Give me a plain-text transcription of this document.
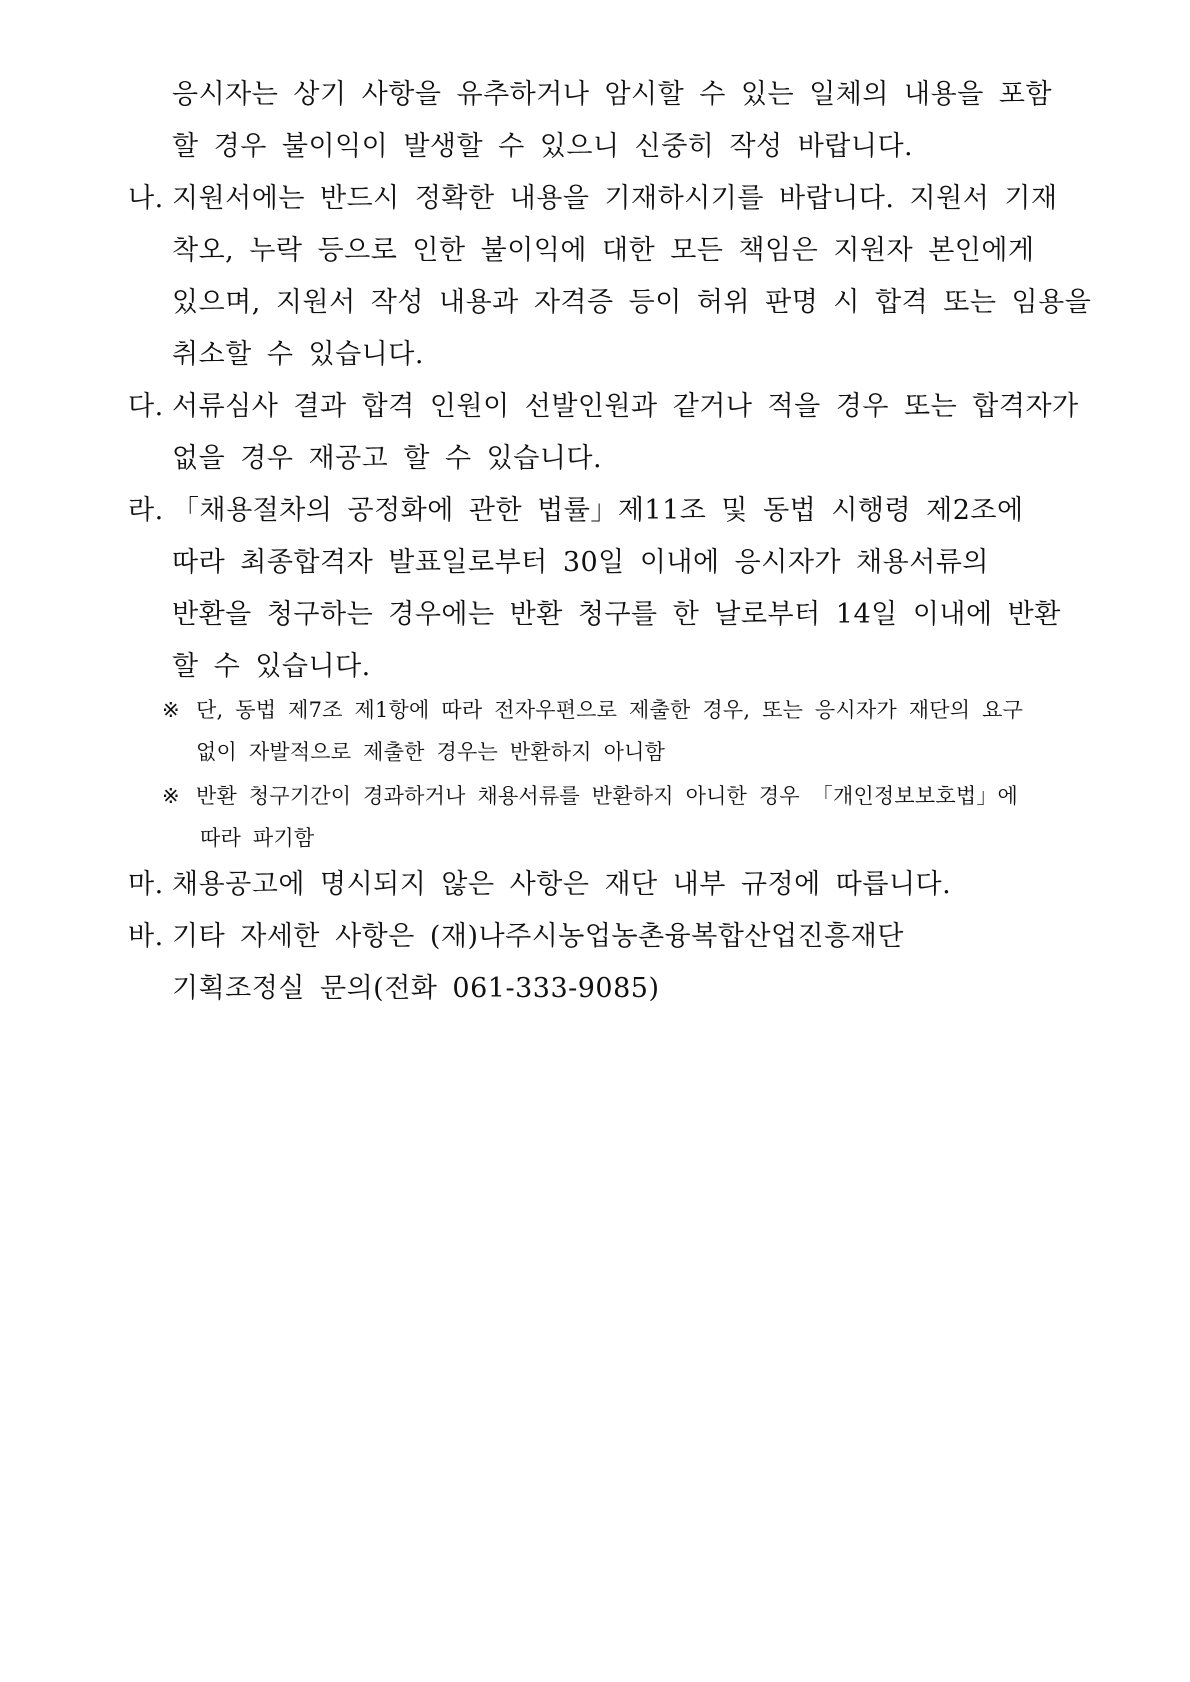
응시자는 상기 사항을 유추하거나 암시할 수 있는 일체의 내용을 포함
할 경우 불이익이 발생할 수 있으니 신중히 작성 바랍니다.
나. 지원서에는 반드시 정확한 내용을 기재하시기를 바랍니다. 지원서 기재
착오, 누락 등으로 인한 불이익에 대한 모든 책임은 지원자 본인에게
있으며, 지원서 작성 내용과 자격증 등이 허위 판명 시 합격 또는 임용을
취소할 수 있습니다.
다. 서류심사 결과 합격 인원이 선발인원과 같거나 적을 경우 또는 합격자가
없을 경우 재공고 할 수 있습니다.
라. 「채용절차의 공정화에 관한 법률」제11조 및 동법 시행령 제2조에
따라 최종합격자 발표일로부터 30일 이내에 응시자가 채용서류의
반환을 청구하는 경우에는 반환 청구를 한 날로부터 14일 이내에 반환
할 수 있습니다.
※ 단, 동법 제7조 제1항에 따라 전자우편으로 제출한 경우, 또는 응시자가 재단의 요구
없이 자발적으로 제출한 경우는 반환하지 아니함
※ 반환 청구기간이 경과하거나 채용서류를 반환하지 아니한 경우 「개인정보보호법」에
따라 파기함
마. 채용공고에 명시되지 않은 사항은 재단 내부 규정에 따릅니다.
바. 기타 자세한 사항은 (재)나주시농업농촌융복합산업진흥재단
기획조정실 문의(전화 061-333-9085)
